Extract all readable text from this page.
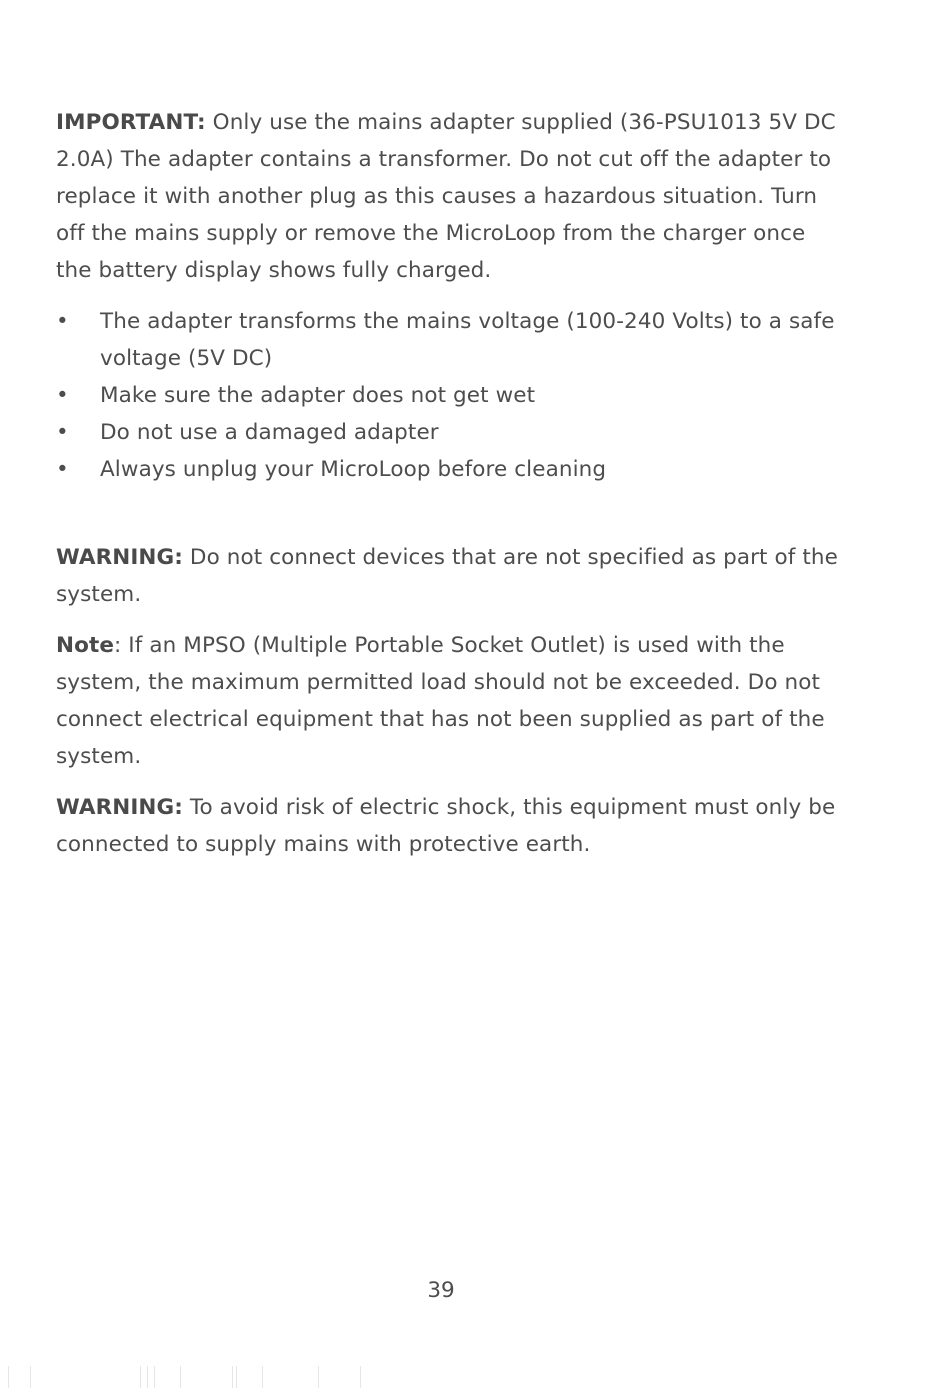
IMPORTANT: Only use the mains adapter supplied (36-PSU1013 5V DC 2.0A) The adapter contains a transformer. Do not cut off the adapter to replace it with another plug as this causes a hazardous situation. Turn off the mains supply or remove the MicroLoop from the charger once the battery display shows fully charged.

• The adapter transforms the mains voltage (100-240 Volts) to a safe voltage (5V DC)
• Make sure the adapter does not get wet
• Do not use a damaged adapter
• Always unplug your MicroLoop before cleaning

WARNING: Do not connect devices that are not specified as part of the system.

Note: If an MPSO (Multiple Portable Socket Outlet) is used with the system, the maximum permitted load should not be exceeded. Do not connect electrical equipment that has not been supplied as part of the system.

WARNING: To avoid risk of electric shock, this equipment must only be connected to supply mains with protective earth.

39
